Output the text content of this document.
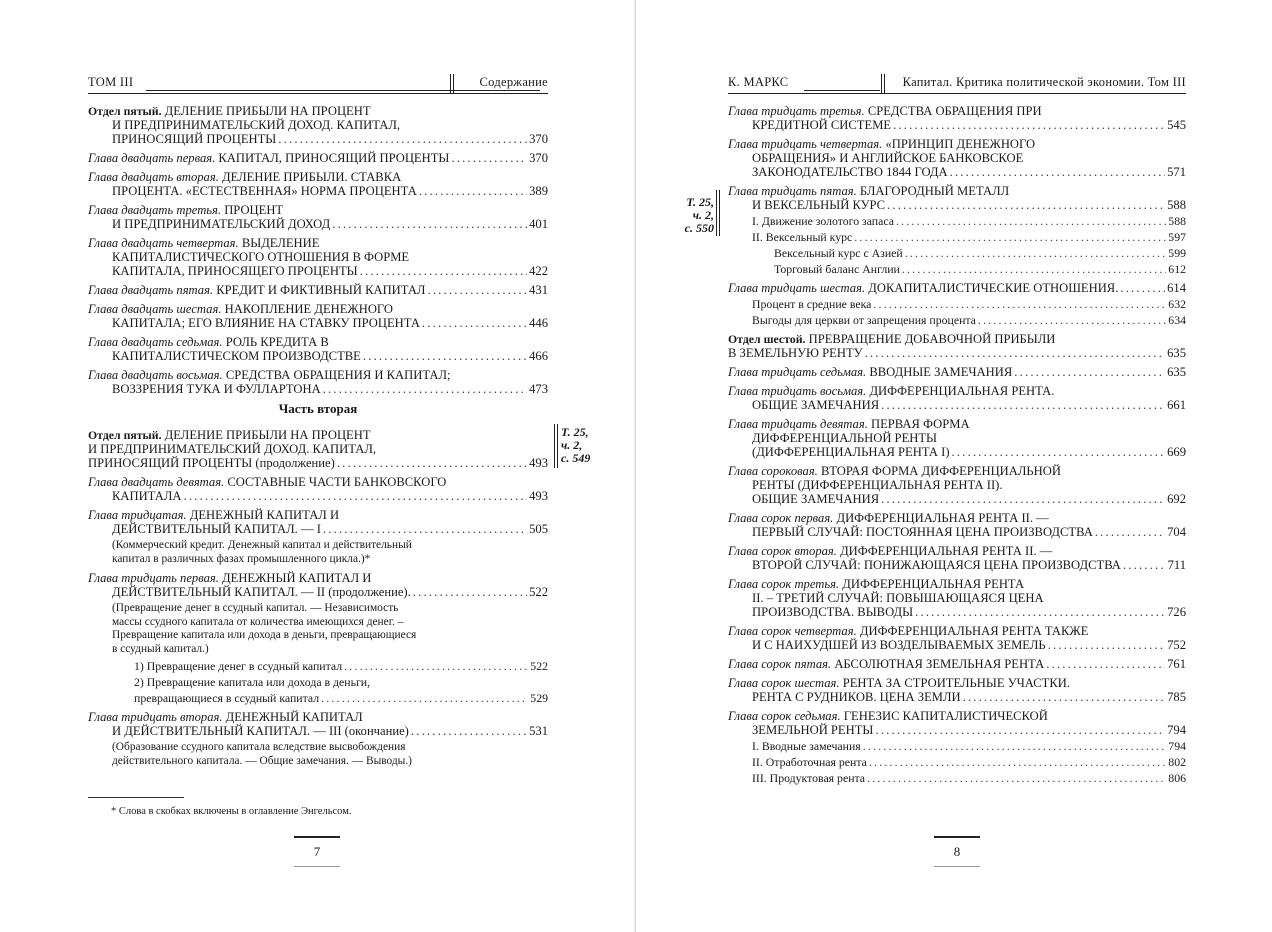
ТОМ III	Содержание
Отдел пятый. ДЕЛЕНИЕ ПРИБЫЛИ НА ПРОЦЕНТ
И ПРЕДПРИНИМАТЕЛЬСКИЙ ДОХОД. КАПИТАЛ,
ПРИНОСЯЩИЙ ПРОЦЕНТЫ .....	370
Глава двадцать первая. КАПИТАЛ, ПРИНОСЯЩИЙ ПРОЦЕНТЫ .....	370
Глава двадцать вторая. ДЕЛЕНИЕ ПРИБЫЛИ. СТАВКА
ПРОЦЕНТА. «ЕСТЕСТВЕННАЯ» НОРМА ПРОЦЕНТА .....	389
Глава двадцать третья. ПРОЦЕНТ
И ПРЕДПРИНИМАТЕЛЬСКИЙ ДОХОД .....	401
Глава двадцать четвертая. ВЫДЕЛЕНИЕ
КАПИТАЛИСТИЧЕСКОГО ОТНОШЕНИЯ В ФОРМЕ
КАПИТАЛА, ПРИНОСЯЩЕГО ПРОЦЕНТЫ .....	422
Глава двадцать пятая. КРЕДИТ И ФИКТИВНЫЙ КАПИТАЛ .....	431
Глава двадцать шестая. НАКОПЛЕНИЕ ДЕНЕЖНОГО
КАПИТАЛА; ЕГО ВЛИЯНИЕ НА СТАВКУ ПРОЦЕНТА .....	446
Глава двадцать седьмая. РОЛЬ КРЕДИТА В
КАПИТАЛИСТИЧЕСКОМ ПРОИЗВОДСТВЕ .....	466
Глава двадцать восьмая. СРЕДСТВА ОБРАЩЕНИЯ И КАПИТАЛ;
ВОЗЗРЕНИЯ ТУКА И ФУЛЛАРТОНА .....	473
Часть вторая
Отдел пятый. ДЕЛЕНИЕ ПРИБЫЛИ НА ПРОЦЕНТ
И ПРЕДПРИНИМАТЕЛЬСКИЙ ДОХОД. КАПИТАЛ,
ПРИНОСЯЩИЙ ПРОЦЕНТЫ (продолжение) .....	493
Глава двадцать девятая. СОСТАВНЫЕ ЧАСТИ БАНКОВСКОГО
КАПИТАЛА .....	493
Глава тридцатая. ДЕНЕЖНЫЙ КАПИТАЛ И
ДЕЙСТВИТЕЛЬНЫЙ КАПИТАЛ. — I .....	505
(Коммерческий кредит. Денежный капитал и действительный
капитал в различных фазах промышленного цикла.)*
Глава тридцать первая. ДЕНЕЖНЫЙ КАПИТАЛ И
ДЕЙСТВИТЕЛЬНЫЙ КАПИТАЛ. — II (продолжение). .....	522
(Превращение денег в ссудный капитал. — Независимость
массы ссудного капитала от количества имеющихся денег. –
Превращение капитала или дохода в деньги, превращающиеся
в ссудный капитал.)
1) Превращение денег в ссудный капитал .....	522
2) Превращение капитала или дохода в деньги,
превращающиеся в ссудный капитал .....	529
Глава тридцать вторая. ДЕНЕЖНЫЙ КАПИТАЛ
И ДЕЙСТВИТЕЛЬНЫЙ КАПИТАЛ. — III (окончание) .....	531
(Обрaзование ссудного капитала вследствие высвобождения
действительного капитала. — Общие замечания. — Выводы.)
Т. 25,
ч. 2,
с. 549
* Слова в скобках включены в оглавление Энгельсом.
7
К. МАРКС	Капитал. Критика политической экономии. Том III
Т. 25,
ч. 2,
с. 550
Глава тридцать третья. СРЕДСТВА ОБРАЩЕНИЯ ПРИ
КРЕДИТНОЙ СИСТЕМЕ .....	545
Глава тридцать четвертая. «ПРИНЦИП ДЕНЕЖНОГО
ОБРАЩЕНИЯ» И АНГЛИЙСКОЕ БАНКОВСКОЕ
ЗАКОНОДАТЕЛЬСТВО 1844 ГОДА .....	571
Глава тридцать пятая. БЛАГОРОДНЫЙ МЕТАЛЛ
И ВЕКСЕЛЬНЫЙ КУРС .....	588
I. Движение золотого запаса .....	588
II. Вексельный курс .....	597
Вексельный курс с Азией .....	599
Торговый баланс Англии .....	612
Глава тридцать шестая. ДОКАПИТАЛИСТИЧЕСКИЕ ОТНОШЕНИЯ. .....	614
Процент в средние века .....	632
Выгоды для церкви от запрещения процента .....	634
Отдел шестой. ПРЕВРАЩЕНИЕ ДОБАВОЧНОЙ ПРИБЫЛИ
В ЗЕМЕЛЬНУЮ РЕНТУ .....	635
Глава тридцать седьмая. ВВОДНЫЕ ЗАМЕЧАНИЯ .....	635
Глава тридцать восьмая. ДИФФЕРЕНЦИАЛЬНАЯ РЕНТА.
ОБЩИЕ ЗАМЕЧАНИЯ .....	661
Глава тридцать девятая. ПЕРВАЯ ФОРМА
ДИФФЕРЕНЦИАЛЬНОЙ РЕНТЫ
(ДИФФЕРЕНЦИАЛЬНАЯ РЕНТА I) .....	669
Глава сороковая. ВТОРАЯ ФОРМА ДИФФЕРЕНЦИАЛЬНОЙ
РЕНТЫ (ДИФФЕРЕНЦИАЛЬНАЯ РЕНТА II).
ОБЩИЕ ЗАМЕЧАНИЯ .....	692
Глава сорок первая. ДИФФЕРЕНЦИАЛЬНАЯ РЕНТА II. —
ПЕРВЫЙ СЛУЧАЙ: ПОСТОЯННАЯ ЦЕНА ПРОИЗВОДСТВА .....	704
Глава сорок вторая. ДИФФЕРЕНЦИАЛЬНАЯ РЕНТА II. —
ВТОРОЙ СЛУЧАЙ: ПОНИЖАЮЩАЯСЯ ЦЕНА ПРОИЗВОДСТВА .....	711
Глава сорок третья. ДИФФЕРЕНЦИАЛЬНАЯ РЕНТА
II. – ТРЕТИЙ СЛУЧАЙ: ПОВЫШАЮЩАЯСЯ ЦЕНА
ПРОИЗВОДСТВА. ВЫВОДЫ .....	726
Глава сорок четвертая. ДИФФЕРЕНЦИАЛЬНАЯ РЕНТА ТАКЖЕ
И С НАИХУДШЕЙ ИЗ ВОЗДЕЛЫВАЕМЫХ ЗЕМЕЛЬ .....	752
Глава сорок пятая. АБСОЛЮТНАЯ ЗЕМЕЛЬНАЯ РЕНТА .....	761
Глава сорок шестая. РЕНТА ЗА СТРОИТЕЛЬНЫЕ УЧАСТКИ.
РЕНТА С РУДНИКОВ. ЦЕНА ЗЕМЛИ .....	785
Глава сорок седьмая. ГЕНЕЗИС КАПИТАЛИСТИЧЕСКОЙ
ЗЕМЕЛЬНОЙ РЕНТЫ .....	794
I. Вводные замечания .....	794
II. Отработочная рента .....	802
III. Продуктовая рента .....	806
8
